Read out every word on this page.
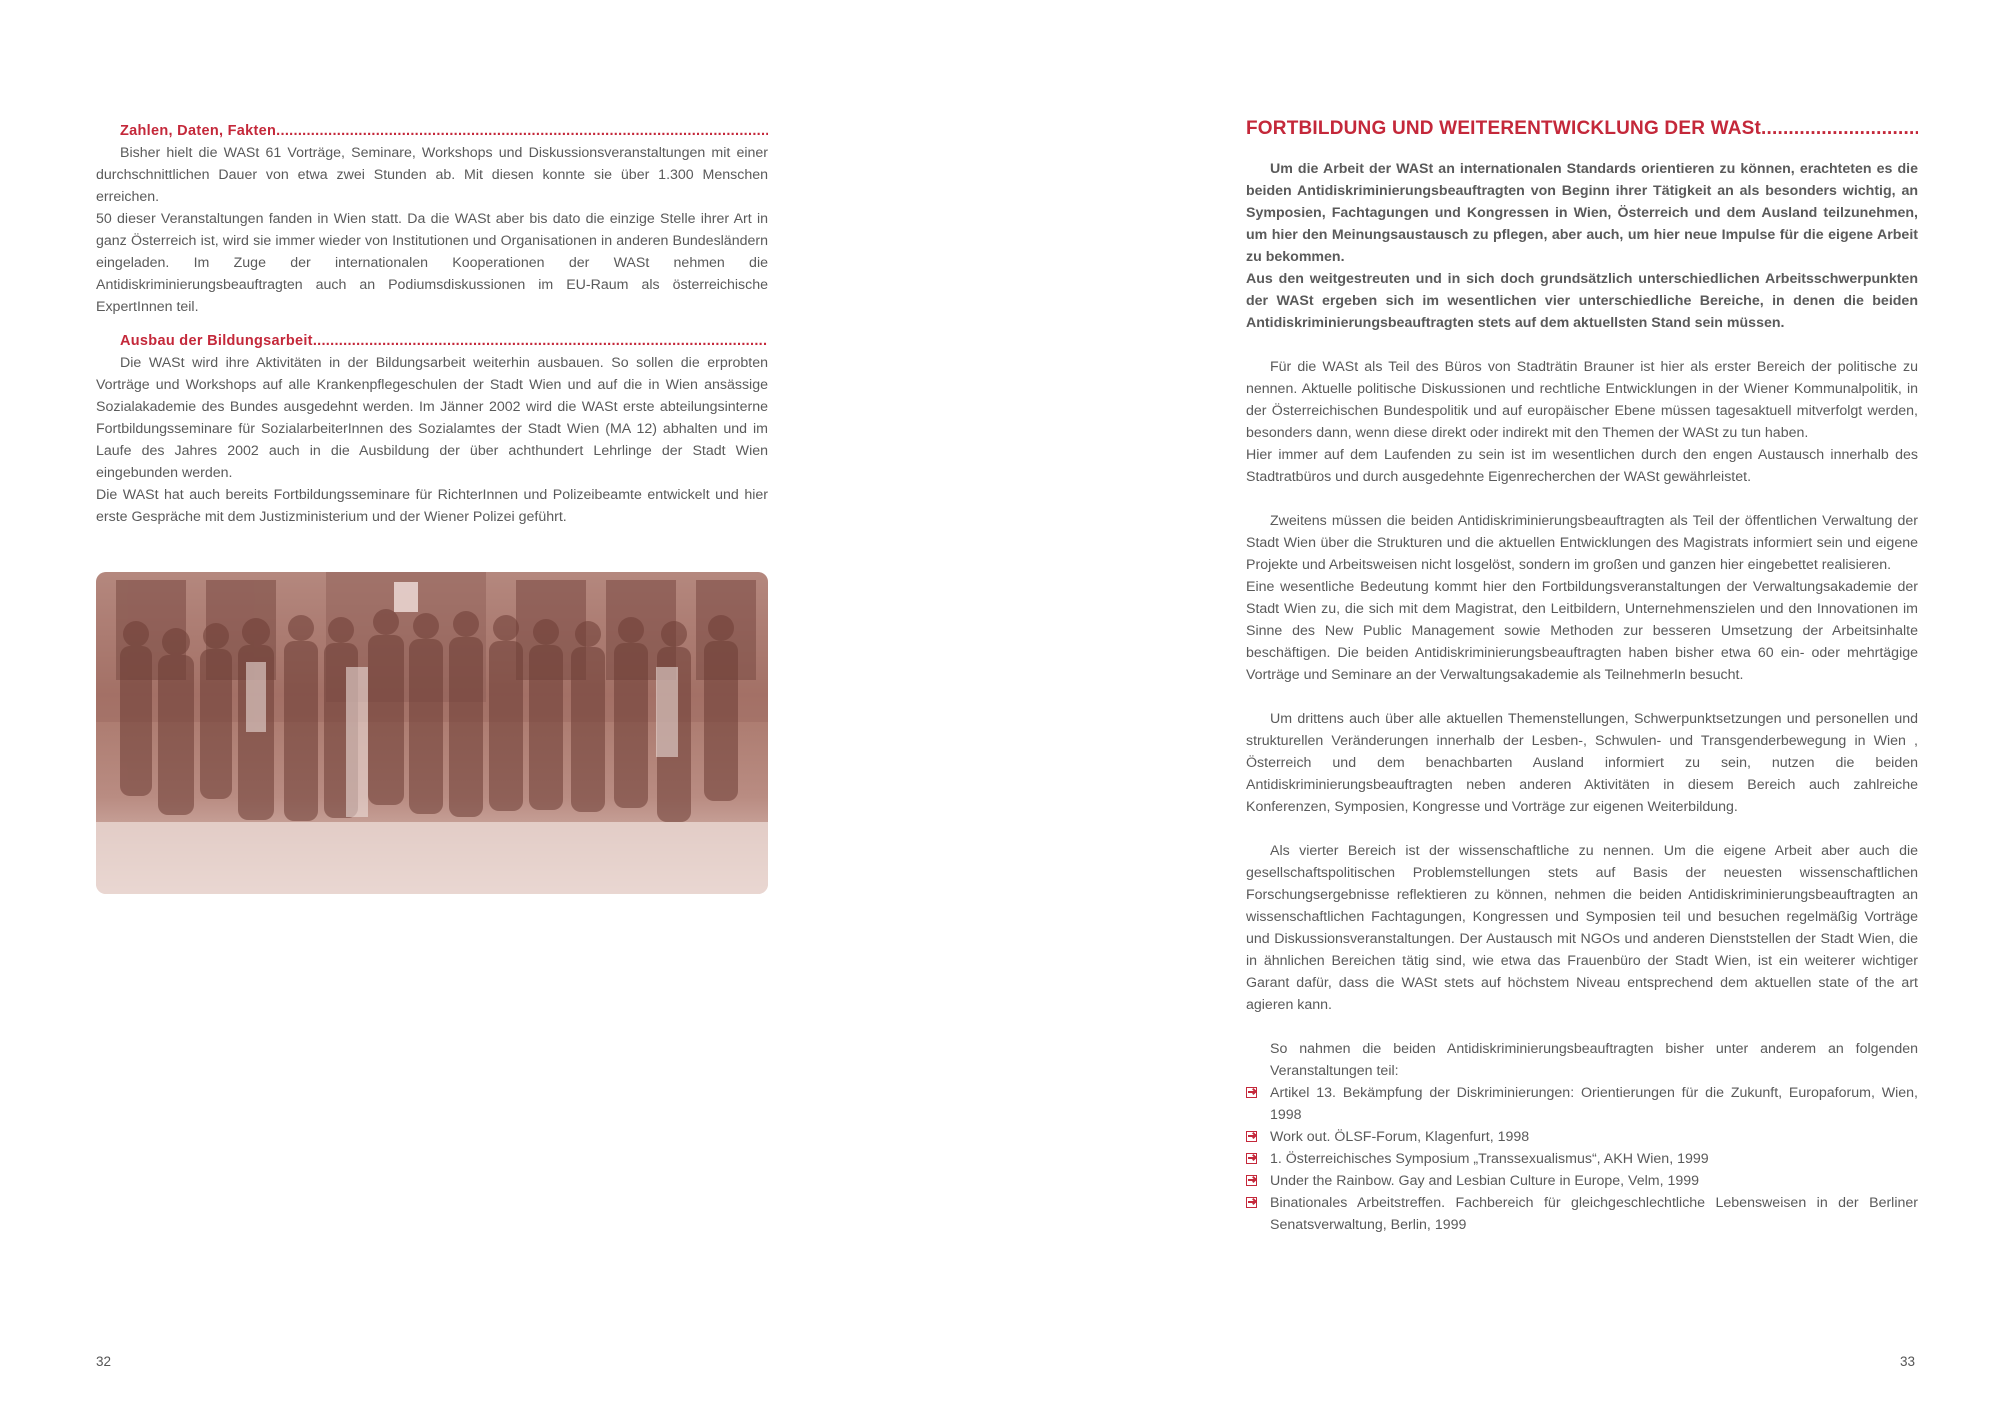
Zahlen, Daten, Fakten .....

Bisher hielt die WASt 61 Vorträge, Seminare, Workshops und Diskussionsveranstaltungen mit einer durchschnittlichen Dauer von etwa zwei Stunden ab. Mit diesen konnte sie über 1.300 Menschen erreichen.

50 dieser Veranstaltungen fanden in Wien statt. Da die WASt aber bis dato die einzige Stelle ihrer Art in ganz Österreich ist, wird sie immer wieder von Institutionen und Organisationen in anderen Bundesländern eingeladen. Im Zuge der internationalen Kooperationen der WASt nehmen die Antidiskriminierungsbeauftragten auch an Podiumsdiskussionen im EU-Raum als österreichische ExpertInnen teil.

Ausbau der Bildungsarbeit .....

Die WASt wird ihre Aktivitäten in der Bildungsarbeit weiterhin ausbauen. So sollen die erprobten Vorträge und Workshops auf alle Krankenpflegeschulen der Stadt Wien und auf die in Wien ansässige Sozialakademie des Bundes ausgedehnt werden. Im Jänner 2002 wird die WASt erste abteilungsinterne Fortbildungsseminare für SozialarbeiterInnen des Sozialamtes der Stadt Wien (MA 12) abhalten und im Laufe des Jahres 2002 auch in die Ausbildung der über achthundert Lehrlinge der Stadt Wien eingebunden werden.

Die WASt hat auch bereits Fortbildungsseminare für RichterInnen und Polizeibeamte entwickelt und hier erste Gespräche mit dem Justizministerium und der Wiener Polizei geführt.

32
FORTBILDUNG UND WEITERENTWICKLUNG DER WASt .....

Um die Arbeit der WASt an internationalen Standards orientieren zu können, erachteten es die beiden Antidiskriminierungsbeauftragten von Beginn ihrer Tätigkeit an als besonders wichtig, an Symposien, Fachtagungen und Kongressen in Wien, Österreich und dem Ausland teilzunehmen, um hier den Meinungsaustausch zu pflegen, aber auch, um hier neue Impulse für die eigene Arbeit zu bekommen.

Aus den weitgestreuten und in sich doch grundsätzlich unterschiedlichen Arbeitsschwerpunkten der WASt ergeben sich im wesentlichen vier unterschiedliche Bereiche, in denen die beiden Antidiskriminierungsbeauftragten stets auf dem aktuellsten Stand sein müssen.

Für die WASt als Teil des Büros von Stadträtin Brauner ist hier als erster Bereich der politische zu nennen. Aktuelle politische Diskussionen und rechtliche Entwicklungen in der Wiener Kommunalpolitik, in der Österreichischen Bundespolitik und auf europäischer Ebene müssen tagesaktuell mitverfolgt werden, besonders dann, wenn diese direkt oder indirekt mit den Themen der WASt zu tun haben.

Hier immer auf dem Laufenden zu sein ist im wesentlichen durch den engen Austausch innerhalb des Stadtratbüros und durch ausgedehnte Eigenrecherchen der WASt gewährleistet.

Zweitens müssen die beiden Antidiskriminierungsbeauftragten als Teil der öffentlichen Verwaltung der Stadt Wien über die Strukturen und die aktuellen Entwicklungen des Magistrats informiert sein und eigene Projekte und Arbeitsweisen nicht losgelöst, sondern im großen und ganzen hier eingebettet realisieren.

Eine wesentliche Bedeutung kommt hier den Fortbildungsveranstaltungen der Verwaltungsakademie der Stadt Wien zu, die sich mit dem Magistrat, den Leitbildern, Unternehmenszielen und den Innovationen im Sinne des New Public Management sowie Methoden zur besseren Umsetzung der Arbeitsinhalte beschäftigen. Die beiden Antidiskriminierungsbeauftragten haben bisher etwa 60 ein- oder mehrtägige Vorträge und Seminare an der Verwaltungsakademie als TeilnehmerIn besucht.

Um drittens auch über alle aktuellen Themenstellungen, Schwerpunktsetzungen und personellen und strukturellen Veränderungen innerhalb der Lesben-, Schwulen- und Transgenderbewegung in Wien , Österreich und dem benachbarten Ausland informiert zu sein, nutzen die beiden Antidiskriminierungsbeauftragten neben anderen Aktivitäten in diesem Bereich auch zahlreiche Konferenzen, Symposien, Kongresse und Vorträge zur eigenen Weiterbildung.

Als vierter Bereich ist der wissenschaftliche zu nennen. Um die eigene Arbeit aber auch die gesellschaftspolitischen Problemstellungen stets auf Basis der neuesten wissenschaftlichen Forschungsergebnisse reflektieren zu können, nehmen die beiden Antidiskriminierungsbeauftragten an wissenschaftlichen Fachtagungen, Kongressen und Symposien teil und besuchen regelmäßig Vorträge und Diskussionsveranstaltungen. Der Austausch mit NGOs und anderen Dienststellen der Stadt Wien, die in ähnlichen Bereichen tätig sind, wie etwa das Frauenbüro der Stadt Wien, ist ein weiterer wichtiger Garant dafür, dass die WASt stets auf höchstem Niveau entsprechend dem aktuellen state of the art agieren kann.

So nahmen die beiden Antidiskriminierungsbeauftragten bisher unter anderem an folgenden Veranstaltungen teil:

Artikel 13. Bekämpfung der Diskriminierungen: Orientierungen für die Zukunft, Europaforum, Wien, 1998
Work out. ÖLSF-Forum, Klagenfurt, 1998
1. Österreichisches Symposium „Transsexualismus“, AKH Wien, 1999
Under the Rainbow. Gay and Lesbian Culture in Europe, Velm, 1999
Binationales Arbeitstreffen. Fachbereich für gleichgeschlechtliche Lebensweisen in der Berliner Senatsverwaltung, Berlin, 1999
33
